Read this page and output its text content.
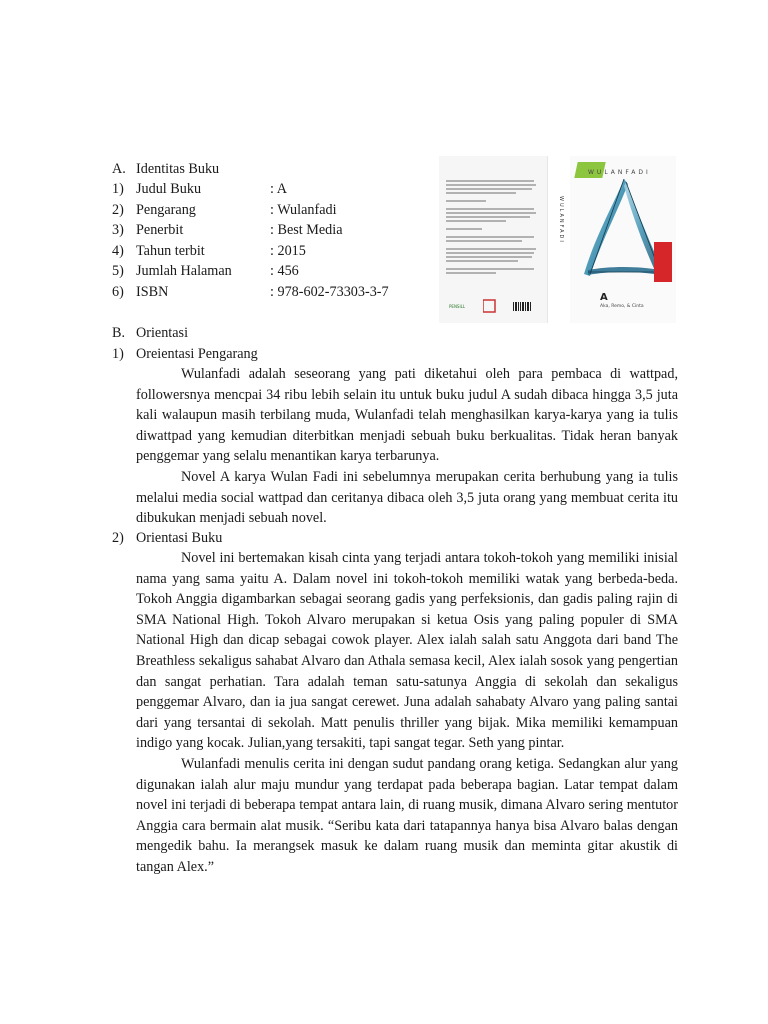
A. Identitas Buku
1) Judul Buku	: A
2) Pengarang	: Wulanfadi
3) Penerbit	: Best Media
4) Tahun terbit	: 2015
5) Jumlah Halaman	: 456
6) ISBN	: 978-602-73303-3-7
PENSILL
WULANFADI
WULANFADI
A
Aka, Remo, & Cinta
B. Orientasi
1) Oreientasi Pengarang

Wulanfadi adalah seseorang yang pati diketahui oleh para pembaca di wattpad, followersnya mencpai 34 ribu lebih selain itu untuk buku judul A sudah dibaca hingga 3,5 juta kali walaupun masih terbilang muda, Wulanfadi telah menghasilkan karya-karya yang ia tulis diwattpad yang kemudian diterbitkan menjadi sebuah buku berkualitas. Tidak heran banyak penggemar yang selalu menantikan karya terbarunya.

Novel A karya Wulan Fadi ini sebelumnya merupakan cerita berhubung yang ia tulis melalui media social wattpad dan ceritanya dibaca oleh 3,5 juta orang yang membuat cerita itu dibukukan menjadi sebuah novel.

2) Orientasi Buku

Novel ini bertemakan kisah cinta yang terjadi antara tokoh-tokoh yang memiliki inisial nama yang sama yaitu A. Dalam novel ini tokoh-tokoh memiliki watak yang berbeda-beda. Tokoh Anggia digambarkan sebagai seorang gadis yang perfeksionis, dan gadis paling rajin di SMA National High. Tokoh Alvaro merupakan si ketua Osis yang paling populer di SMA National High dan dicap sebagai cowok player. Alex ialah salah satu Anggota dari band The Breathless sekaligus sahabat Alvaro dan Athala semasa kecil, Alex ialah sosok yang pengertian dan sangat perhatian. Tara adalah teman satu-satunya Anggia di sekolah dan sekaligus penggemar Alvaro, dan ia jua sangat cerewet. Juna adalah sahabaty Alvaro yang paling santai dari yang tersantai di sekolah. Matt penulis thriller yang bijak. Mika memiliki kemampuan indigo yang kocak. Julian,yang tersakiti, tapi sangat tegar. Seth yang pintar.

Wulanfadi menulis cerita ini dengan sudut pandang orang ketiga. Sedangkan alur yang digunakan ialah alur maju mundur yang terdapat pada beberapa bagian. Latar tempat dalam novel ini terjadi di beberapa tempat antara lain, di ruang musik, dimana Alvaro sering mentutor Anggia cara bermain alat musik. “Seribu kata dari tatapannya hanya bisa Alvaro balas dengan mengedik bahu. Ia merangsek masuk ke dalam ruang musik dan meminta gitar akustik di tangan Alex.”
